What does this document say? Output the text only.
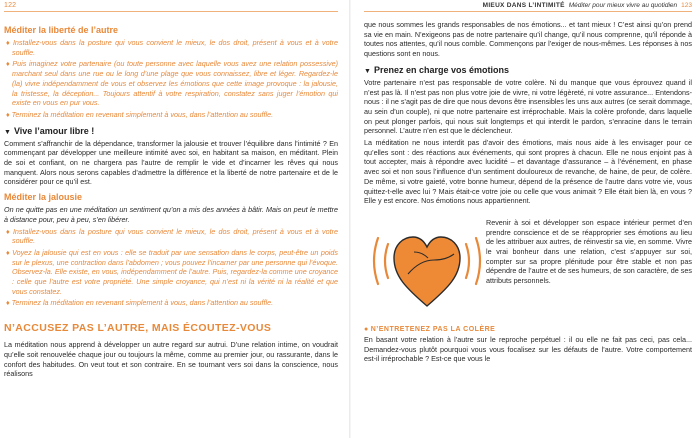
122
Méditer la liberté de l’autre

♦ Installez-vous dans la posture qui vous convient le mieux, le dos droit, présent à vous et à votre souffle.

♦ Puis imaginez votre partenaire (ou toute personne avec laquelle vous avez une relation possessive) marchant seul dans une rue ou le long d’une plage que vous connaissez, libre et léger. Regardez-le (la) vivre indépendamment de vous et observez les émotions que cette image provoque : la jalousie, la tristesse, la déception... Toujours attentif à votre respiration, constatez sans juger l’émotion qui existe en vous en pur vous.

♦ Terminez la méditation en revenant simplement à vous, dans l’attention au souffle.

▼ Vive l’amour libre !

Comment s’affranchir de la dépendance, transformer la jalousie et trouver l’équilibre dans l’intimité ? En commençant par développer une meilleure intimité avec soi, en habitant sa maison, en méditant. Plein de soi et confiant, on ne chargera pas l’autre de remplir le vide et d’incarner les rêves qui nous manquent. Alors nous serons capables d’admettre la différence et la liberté de notre partenaire et de le considérer pour ce qu’il est.

Méditer la jalousie

On ne quitte pas en une méditation un sentiment qu’on a mis des années à bâtir. Mais on peut le mettre à distance pour, peu à peu, s’en libérer.

♦ Installez-vous dans la posture qui vous convient le mieux, le dos droit, présent à vous et à votre souffle.

♦ Voyez la jalousie qui est en vous : elle se traduit par une sensation dans le corps, peut-être un poids sur le plexus, une contraction dans l’abdomen ; vous pouvez l’incarner par une personne qui l’évoque. Observez-la. Elle existe, en vous, indépendamment de l’autre. Puis, regardez-la comme une croyance : celle que l’autre est votre propriété. Une simple croyance, qui n’est ni la vérité ni la réalité et que vous constatez.

♦ Terminez la méditation en revenant simplement à vous, dans l’attention au souffle.

N’ACCUSEZ PAS L’AUTRE, MAIS ÉCOUTEZ-VOUS

La méditation nous apprend à développer un autre regard sur autrui. D’une relation intime, on voudrait qu’elle soit renouvelée chaque jour ou toujours la même, comme au premier jour, ou rassurante, dans le confort des habitudes. On veut tout et son contraire. En se tournant vers soi dans la conscience, nous réalisons

MIEUX DANS L’INTIMITÉ Méditer pour mieux vivre au quotidien 123

que nous sommes les grands responsables de nos émotions... et tant mieux ! C’est ainsi qu’on prend sa vie en main. N’exigeons pas de notre partenaire qu’il change, qu’il nous comprenne, qu’il réponde à toutes nos attentes, qu’il nous comble. Commençons par l’exiger de nous-mêmes. Les réponses à nos questions sont en nous.

▼ Prenez en charge vos émotions

Votre partenaire n’est pas responsable de votre colère. Ni du manque que vous éprouvez quand il n’est pas là. Il n’est pas non plus votre joie de vivre, ni votre légèreté, ni votre assurance... Entendons-nous : il ne s’agit pas de dire que nous devons être insensibles les uns aux autres (ce serait dommage, au sein d’un couple), ni que notre partenaire est irréprochable. Mais la colère profonde, dans laquelle on peut plonger parfois, qui nous suit longtemps et qui interdit le pardon, s’enracine dans le terrain personnel. L’autre n’en est que le déclencheur.

La méditation ne nous interdit pas d’avoir des émotions, mais nous aide à les envisager pour ce qu’elles sont : des réactions aux événements, qui sont propres à chacun. Elle ne nous enjoint pas à tout accepter, mais à répondre avec lucidité – et davantage d’assurance – à l’événement, en phase avec soi et non sous l’influence d’un sentiment douloureux de revanche, de haine, de peur, de colère. De même, si votre gaieté, votre bonne humeur, dépend de la présence de l’autre dans votre vie, vous quittez-t-elle avec lui ? Mais était-ce votre joie ou celle que vous animait ? Elle était bien là, en vous ? Elle y est encore. Nos émotions nous appartiennent.

Revenir à soi et développer son espace intérieur permet d’en prendre conscience et de se réapproprier ses émotions au lieu de les attribuer aux autres, de réinvestir sa vie, en somme. Vivre le vrai bonheur dans une relation, c’est s’appuyer sur soi, compter sur sa propre plénitude pour être stable et non pas dépendre de l’autre et de ses humeurs, de son caractère, de ses attributs personnels.

● N’ENTRETENEZ PAS LA COLÈRE

En basant votre relation à l’autre sur le reproche perpétuel : il ou elle ne fait pas ceci, pas cela... Demandez-vous plutôt pourquoi vous vous focalisez sur les défauts de l’autre. Votre comportement est-il irréprochable ? Est-ce que vous le
